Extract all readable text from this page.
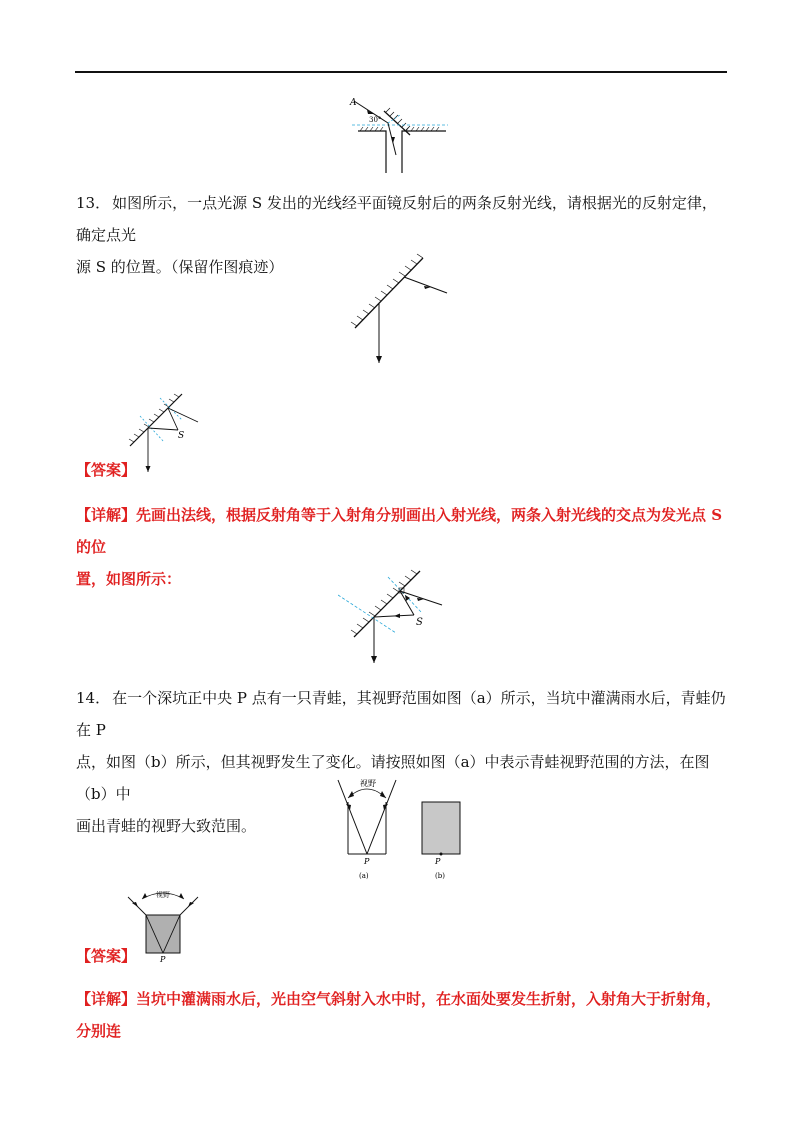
A
30°

13． 如图所示，一点光源 S 发出的光线经平面镜反射后的两条反射光线，请根据光的反射定律，确定点光
源 S 的位置。（保留作图痕迹）

【答案】
S

【详解】先画出法线，根据反射角等于入射角分别画出入射光线，两条入射光线的交点为发光点 S 的位
置，如图所示：

S

14． 在一个深坑正中央 P 点有一只青蛙，其视野范围如图（a）所示，当坑中灌满雨水后，青蛙仍在 P
点，如图（b）所示，但其视野发生了变化。请按照如图（a）中表示青蛙视野范围的方法，在图（b）中
画出青蛙的视野大致范围。

视野
P
(a)
P
(b)
【答案】
视野
P

【详解】当坑中灌满雨水后，光由空气斜射入水中时，在水面处要发生折射，入射角大于折射角，分别连
